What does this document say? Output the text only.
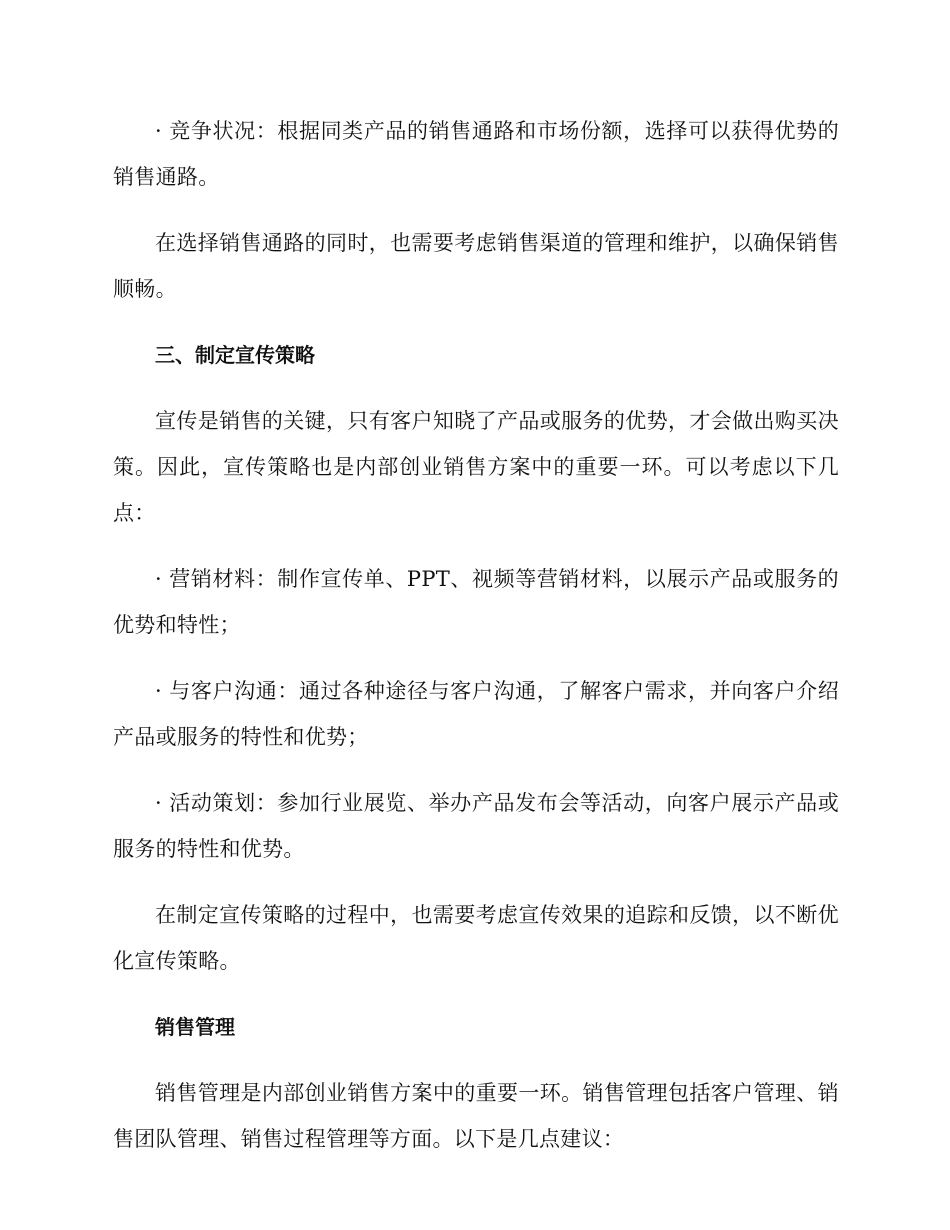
· 竞争状况：根据同类产品的销售通路和市场份额，选择可以获得优势的销售通路。

在选择销售通路的同时，也需要考虑销售渠道的管理和维护，以确保销售顺畅。

三、制定宣传策略

宣传是销售的关键，只有客户知晓了产品或服务的优势，才会做出购买决策。因此，宣传策略也是内部创业销售方案中的重要一环。可以考虑以下几点：

· 营销材料：制作宣传单、PPT、视频等营销材料，以展示产品或服务的优势和特性；

· 与客户沟通：通过各种途径与客户沟通，了解客户需求，并向客户介绍产品或服务的特性和优势；

· 活动策划：参加行业展览、举办产品发布会等活动，向客户展示产品或服务的特性和优势。

在制定宣传策略的过程中，也需要考虑宣传效果的追踪和反馈，以不断优化宣传策略。

销售管理

销售管理是内部创业销售方案中的重要一环。销售管理包括客户管理、销售团队管理、销售过程管理等方面。以下是几点建议：
